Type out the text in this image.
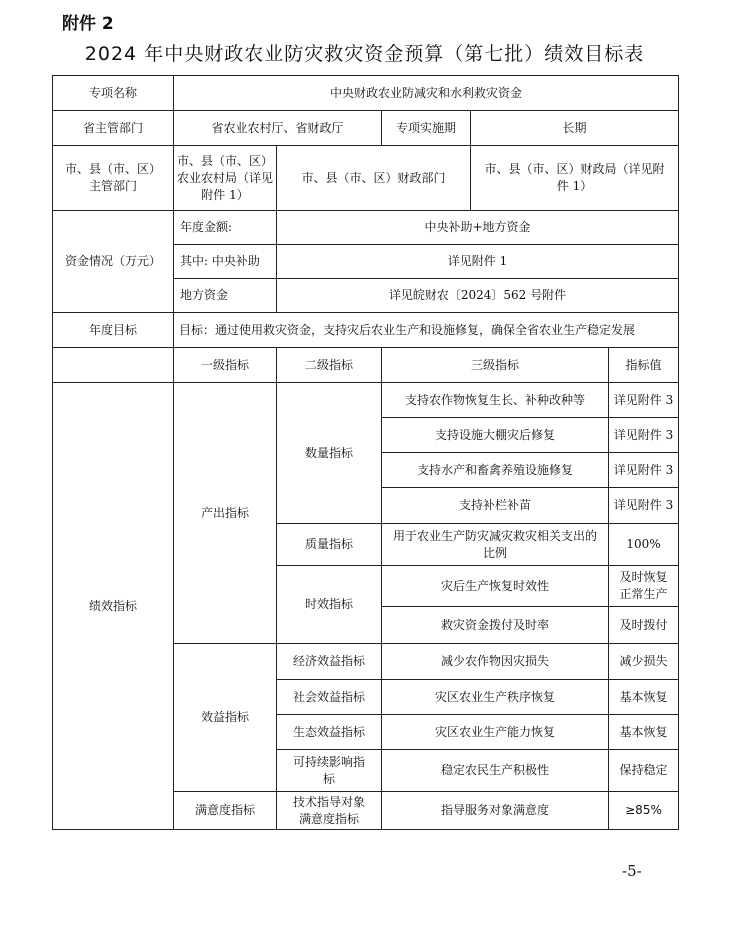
附件 2
2024 年中央财政农业防灾救灾资金预算（第七批）绩效目标表
专项名称	中央财政农业防减灾和水利救灾资金				
省主管部门	省农业农村厅、省财政厅		专项实施期	长期	
市、县（市、区）主管部门	市、县（市、区）农业农村局（详见附件 1）	市、县（市、区）财政部门		市、县（市、区）财政局（详见附件 1）	
资金情况（万元）	年度金额:	中央补助+地方资金			
	其中: 中央补助	详见附件 1			
	地方资金	详见皖财农〔2024〕562 号附件			
年度目标	目标：通过使用救灾资金，支持灾后农业生产和设施修复，确保全省农业生产稳定发展				
	一级指标	二级指标	三级指标		指标值
绩效指标	产出指标	数量指标	支持农作物恢复生长、补种改种等		详见附件 3
			支持设施大棚灾后修复		详见附件 3
			支持水产和畜禽养殖设施修复		详见附件 3
			支持补栏补苗		详见附件 3
		质量指标	用于农业生产防灾减灾救灾相关支出的比例		100%
		时效指标	灾后生产恢复时效性		及时恢复正常生产
			救灾资金拨付及时率		及时拨付
	效益指标	经济效益指标	减少农作物因灾损失		减少损失
		社会效益指标	灾区农业生产秩序恢复		基本恢复
		生态效益指标	灾区农业生产能力恢复		基本恢复
		可持续影响指标	稳定农民生产积极性		保持稳定
	满意度指标	技术指导对象满意度指标	指导服务对象满意度		≥85%
-5-
